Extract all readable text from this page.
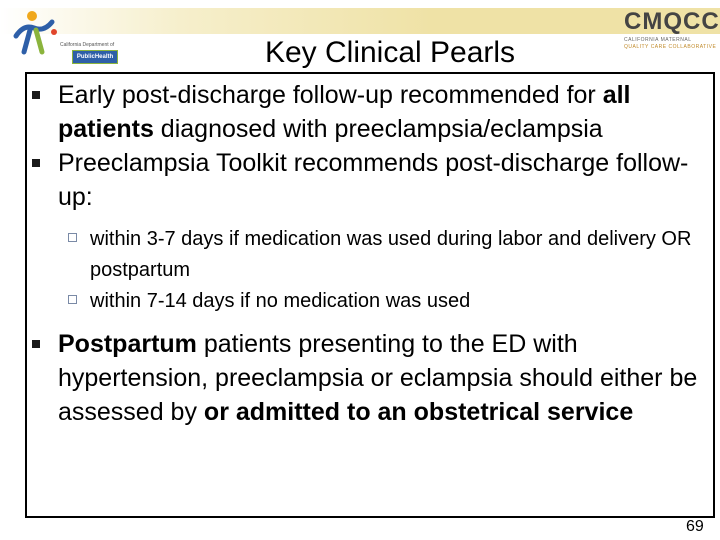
California Department of
PublicHealth
CMQCC
CALIFORNIA MATERNAL
QUALITY CARE COLLABORATIVE
Key Clinical Pearls

Early post-discharge follow-up recommended for all patients diagnosed with preeclampsia/eclampsia

Preeclampsia Toolkit recommends post-discharge follow-up:

within 3-7 days if medication was used during labor and delivery OR postpartum

within 7-14 days if no medication was used

Postpartum patients presenting to the ED with hypertension, preeclampsia or eclampsia should either be assessed by or admitted to an obstetrical service

69
